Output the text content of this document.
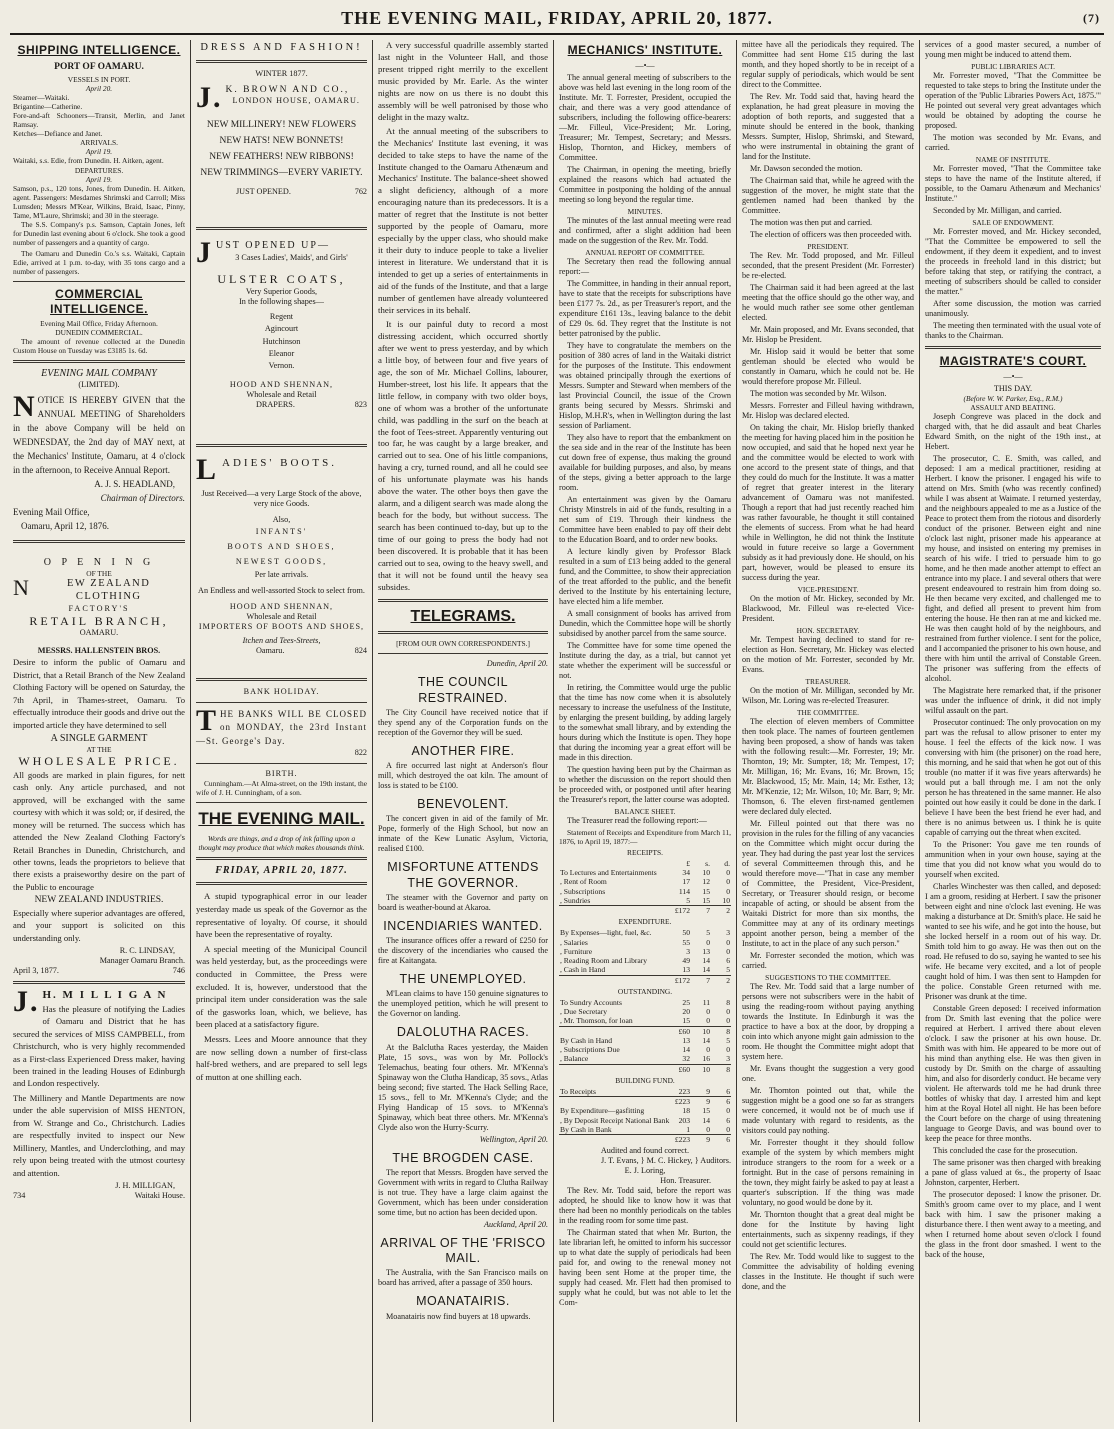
THE EVENING MAIL, FRIDAY, APRIL 20, 1877.	(7)
SHIPPING INTELLIGENCE.
PORT OF OAMARU.
VESSELS IN PORT.
April 20.
Steamer—Waitaki.
Brigantine—Catherine.
Fore-and-aft Schooners—Transit, Merlin, and Janet Ramsay.
Ketches—Defiance and Janet.
ARRIVALS.
April 19.
Waitaki, s.s. Edie, from Dunedin. H. Aitken, agent.
DEPARTURES.
April 19.
Samson, p.s., 120 tons, Jones, from Dunedin. H. Aitken, agent. Passengers: Mesdames Shrimski and Carroll; Miss Lumsden; Messrs M'Kear, Wilkins, Braid, Isaac, Pinny, Tame, M'Laure, Shrimski; and 30 in the steerage.

The S.S. Company's p.s. Samson, Captain Jones, left for Dunedin last evening about 6 o'clock. She took a good number of passengers and a quantity of cargo.

The Oamaru and Dunedin Co.'s s.s. Waitaki, Captain Edie, arrived at 1 p.m. to-day, with 35 tons cargo and a number of passengers.

COMMERCIAL INTELLIGENCE.
Evening Mail Office, Friday Afternoon.
DUNEDIN COMMERCIAL.

The amount of revenue collected at the Dunedin Custom House on Tuesday was £3185 1s. 6d.

EVENING MAIL COMPANY
(LIMITED).
NOTICE IS HEREBY GIVEN that the ANNUAL MEETING of Shareholders in the above Company will be held on WEDNESDAY, the 2nd day of MAY next, at the Mechanics' Institute, Oamaru, at 4 o'clock in the afternoon, to Receive Annual Report.
A. J. S. HEADLAND,
Chairman of Directors.
Evening Mail Office,
Oamaru, April 12, 1876.
O P E N I N G
OF THE
N	EW ZEALAND CLOTHING
FACTORY'S
RETAIL BRANCH,
OAMARU.
MESSRS. HALLENSTEIN BROS.

Desire to inform the public of Oamaru and District, that a Retail Branch of the New Zealand Clothing Factory will be opened on Saturday, the 7th April, in Thames-street, Oamaru. To effectually introduce their goods and drive out the imported article they have determined to sell

A SINGLE GARMENT
AT THE
WHOLESALE PRICE.

All goods are marked in plain figures, for nett cash only. Any article purchased, and not approved, will be exchanged with the same courtesy with which it was sold; or, if desired, the money will be returned. The success which has attended the New Zealand Clothing Factory's Retail Branches in Dunedin, Christchurch, and other towns, leads the proprietors to believe that there exists a praiseworthy desire on the part of the Public to encourage

NEW ZEALAND INDUSTRIES.

Especially where superior advantages are offered, and your support is solicited on this understanding only.

R. C. LINDSAY,
Manager Oamaru Branch.
April 3, 1877.	746
J. H. M I L L I G A N

Has the pleasure of notifying the Ladies of Oamaru and District that he has secured the services of MISS CAMPBELL, from Christchurch, who is very highly recommended as a First-class Experienced Dress maker, having been trained in the leading Houses of Edinburgh and London respectively.

The Millinery and Mantle Departments are now under the able supervision of MISS HENTON, from W. Strange and Co., Christchurch. Ladies are respectfully invited to inspect our New Millinery, Mantles, and Underclothing, and may rely upon being treated with the utmost courtesy and attention.

J. H. MILLIGAN,
734	Waitaki House.
DRESS AND FASHION!
WINTER 1877.
J. K. BROWN AND CO.,
LONDON HOUSE, OAMARU.
NEW MILLINERY! NEW FLOWERS
NEW HATS! NEW BONNETS!
NEW FEATHERS! NEW RIBBONS!
NEW TRIMMINGS—EVERY VARIETY.
JUST OPENED.	762
JUST OPENED UP—
3 Cases Ladies', Maids', and Girls'
ULSTER COATS,
Very Superior Goods,
In the following shapes—
Regent
Agincourt
Hutchinson
Eleanor
Vernon.
HOOD AND SHENNAN,
Wholesale and Retail
DRAPERS.	823
LADIES' BOOTS.

Just Received—a very Large Stock of the above, very nice Goods.

Also,
INFANTS'
BOOTS AND SHOES,
NEWEST GOODS,
Per late arrivals.

An Endless and well-assorted Stock to select from.

HOOD AND SHENNAN,
Wholesale and Retail
IMPORTERS OF BOOTS AND SHOES,
Itchen and Tees-Streets,
Oamaru.	824
BANK HOLIDAY.
THE BANKS WILL BE CLOSED on MONDAY, the 23rd Instant—St. George's Day.
822
BIRTH.

Cunningham.—At Alma-street, on the 19th instant, the wife of J. H. Cunningham, of a son.

THE EVENING MAIL.

Words are things, and a drop of ink falling upon a thought may produce that which makes thousands think.

FRIDAY, APRIL 20, 1877.

A stupid typographical error in our leader yesterday made us speak of the Governor as the representative of loyalty. Of course, it should have been the representative of royalty.

A special meeting of the Municipal Council was held yesterday, but, as the proceedings were conducted in Committee, the Press were excluded. It is, however, understood that the principal item under consideration was the sale of the gasworks loan, which, we believe, has been placed at a satisfactory figure.

Messrs. Lees and Moore announce that they are now selling down a number of first-class half-bred wethers, and are prepared to sell legs of mutton at one shilling each.

A very successful quadrille assembly started last night in the Volunteer Hall, and those present tripped right merrily to the excellent music provided by Mr. Earle. As the winter nights are now on us there is no doubt this assembly will be well patronised by those who delight in the mazy waltz.

At the annual meeting of the subscribers to the Mechanics' Institute last evening, it was decided to take steps to have the name of the Institute changed to the Oamaru Athenæum and Mechanics' Institute. The balance-sheet showed a slight deficiency, although of a more encouraging nature than its predecessors. It is a matter of regret that the Institute is not better supported by the people of Oamaru, more especially by the upper class, who should make it their duty to induce people to take a livelier interest in literature. We understand that it is intended to get up a series of entertainments in aid of the funds of the Institute, and that a large number of gentlemen have already volunteered their services in its behalf.

It is our painful duty to record a most distressing accident, which occurred shortly after we went to press yesterday, and by which a little boy, of between four and five years of age, the son of Mr. Michael Collins, labourer, Humber-street, lost his life. It appears that the little fellow, in company with two older boys, one of whom was a brother of the unfortunate child, was paddling in the surf on the beach at the foot of Tees-street. Apparently venturing out too far, he was caught by a large breaker, and carried out to sea. One of his little companions, having a cry, turned round, and all he could see of his unfortunate playmate was his hands above the water. The other boys then gave the alarm, and a diligent search was made along the beach for the body, but without success. The search has been continued to-day, but up to the time of our going to press the body had not been discovered. It is probable that it has been carried out to sea, owing to the heavy swell, and that it will not be found until the heavy sea subsides.

TELEGRAMS.
[FROM OUR OWN CORRESPONDENTS.]
Dunedin, April 20.
THE COUNCIL RESTRAINED.

The City Council have received notice that if they spend any of the Corporation funds on the reception of the Governor they will be sued.

ANOTHER FIRE.

A fire occurred last night at Anderson's flour mill, which destroyed the oat kiln. The amount of loss is stated to be £100.

BENEVOLENT.

The concert given in aid of the family of Mr. Pope, formerly of the High School, but now an inmate of the Kew Lunatic Asylum, Victoria, realised £100.

MISFORTUNE ATTENDS THE GOVERNOR.

The steamer with the Governor and party on board is weather-bound at Akaroa.

INCENDIARIES WANTED.

The insurance offices offer a reward of £250 for the discovery of the incendiaries who caused the fire at Kaitangata.

THE UNEMPLOYED.

M'Lean claims to have 150 genuine signatures to the unemployed petition, which he will present to the Governor on landing.

DALOLUTHA RACES.

At the Balclutha Races yesterday, the Maiden Plate, 15 sovs., was won by Mr. Pollock's Telemachus, beating four others. Mr. M'Kenna's Spinaway won the Clutha Handicap, 35 sovs., Atlas being second; five started. The Hack Selling Race, 15 sovs., fell to Mr. M'Kenna's Clyde; and the Flying Handicap of 15 sovs. to M'Kenna's Spinaway, which beat three others. Mr. M'Kenna's Clyde also won the Hurry-Scurry.

Wellington, April 20.
THE BROGDEN CASE.

The report that Messrs. Brogden have served the Government with writs in regard to Clutha Railway is not true. They have a large claim against the Government, which has been under consideration some time, but no action has been decided upon.

Auckland, April 20.
ARRIVAL OF THE 'FRISCO MAIL.

The Australia, with the San Francisco mails on board has arrived, after a passage of 350 hours.

MOANATAIRIS.

Moanatairis now find buyers at 18 upwards.

MECHANICS' INSTITUTE.
—•—

The annual general meeting of subscribers to the above was held last evening in the long room of the Institute. Mr. T. Forrester, President, occupied the chair, and there was a very good attendance of subscribers, including the following office-bearers:—Mr. Filleul, Vice-President; Mr. Loring, Treasurer; Mr. Tempest, Secretary; and Messrs. Hislop, Thornton, and Hickey, members of Committee.

The Chairman, in opening the meeting, briefly explained the reasons which had actuated the Committee in postponing the holding of the annual meeting so long beyond the regular time.

MINUTES.

The minutes of the last annual meeting were read and confirmed, after a slight addition had been made on the suggestion of the Rev. Mr. Todd.

ANNUAL REPORT OF COMMITTEE.

The Secretary then read the following annual report:—

The Committee, in handing in their annual report, have to state that the receipts for subscriptions have been £177 7s. 2d., as per Treasurer's report, and the expenditure £161 13s., leaving balance to the debit of £29 0s. 6d. They regret that the Institute is not better patronised by the public.

They have to congratulate the members on the position of 380 acres of land in the Waitaki district for the purposes of the Institute. This endowment was obtained principally through the exertions of Messrs. Sumpter and Steward when members of the last Provincial Council, the issue of the Crown grants being secured by Messrs. Shrimski and Hislop, M.H.R's, when in Wellington during the last session of Parliament.

They also have to report that the embankment on the sea side and in the rear of the Institute has been cut down free of expense, thus making the ground available for building purposes, and also, by means of the steps, giving a better approach to the large room.

An entertainment was given by the Oamaru Christy Minstrels in aid of the funds, resulting in a net sum of £19. Through their kindness the Committee have been enabled to pay off their debt to the Education Board, and to order new books.

A lecture kindly given by Professor Black resulted in a sum of £13 being added to the general fund, and the Committee, to show their appreciation of the treat afforded to the public, and the benefit derived to the Institute by his entertaining lecture, have elected him a life member.

A small consignment of books has arrived from Dunedin, which the Committee hope will be shortly subsidised by another parcel from the same source.

The Committee have for some time opened the Institute during the day, as a trial, but cannot yet state whether the experiment will be successful or not.

In retiring, the Committee would urge the public that the time has now come when it is absolutely necessary to increase the usefulness of the Institute, by enlarging the present building, by adding largely to the somewhat small library, and by extending the hours during which the Institute is open. They hope that during the incoming year a great effort will be made in this direction.

The question having been put by the Chairman as to whether the discussion on the report should then be proceeded with, or postponed until after hearing the Treasurer's report, the latter course was adopted.

BALANCE SHEET.

The Treasurer read the following report:—

Statement of Receipts and Expenditure from March 11, 1876, to April 19, 1877:—

RECEIPTS.
	£	s.	d.
To Lectures and Entertainments	34	10	0
, Rent of Room	17	12	0
, Subscriptions	114	15	0
, Sundries	5	15	10
	£172	7	2
EXPENDITURE.
By Expenses—light, fuel, &c.	50	5	3
, Salaries	55	0	0
, Furniture	3	13	0
, Reading Room and Library	49	14	6
, Cash in Hand	13	14	5
	£172	7	2
OUTSTANDING.
To Sundry Accounts	25	11	8
, Due Secretary	20	0	0
, Mr. Thomson, for loan	15	0	0
	£60	10	8
By Cash in Hand	13	14	5
, Subscriptions Due	14	0	0
, Balance	32	16	3
	£60	10	8
BUILDING FUND.
To Receipts	223	9	6
	£223	9	6
By Expenditure—gasfitting	18	15	0
, By Deposit Receipt National Bank	203	14	6
By Cash in Bank	1	0	0
	£223	9	6
Audited and found correct.
J. T. Evans, } M. C. Hickey, } Auditors.
E. J. Loring,
Hon. Treasurer.

The Rev. Mr. Todd said, before the report was adopted, he should like to know how it was that there had been no monthly periodicals on the tables in the reading room for some time past.

The Chairman stated that when Mr. Burton, the late librarian left, he omitted to inform his successor up to what date the supply of periodicals had been paid for, and owing to the renewal money not having been sent Home at the proper time, the supply had ceased. Mr. Flett had then promised to supply what he could, but was not able to let the Com-

mittee have all the periodicals they required. The Committee had sent Home £15 during the last month, and they hoped shortly to be in receipt of a regular supply of periodicals, which would be sent direct to the Committee.

The Rev. Mr. Todd said that, having heard the explanation, he had great pleasure in moving the adoption of both reports, and suggested that a minute should be entered in the book, thanking Messrs. Sumpter, Hislop, Shrimski, and Steward, who were instrumental in obtaining the grant of land for the Institute.

Mr. Dawson seconded the motion.

The Chairman said that, while he agreed with the suggestion of the mover, he might state that the gentlemen named had been thanked by the Committee.

The motion was then put and carried.

The election of officers was then proceeded with.

PRESIDENT.

The Rev. Mr. Todd proposed, and Mr. Filleul seconded, that the present President (Mr. Forrester) be re-elected.

The Chairman said it had been agreed at the last meeting that the office should go the other way, and he would much rather see some other gentleman elected.

Mr. Main proposed, and Mr. Evans seconded, that Mr. Hislop be President.

Mr. Hislop said it would be better that some gentleman should be elected who would be constantly in Oamaru, which he could not be. He would therefore propose Mr. Filleul.

The motion was seconded by Mr. Wilson.

Messrs. Forrester and Filleul having withdrawn, Mr. Hislop was declared elected.

On taking the chair, Mr. Hislop briefly thanked the meeting for having placed him in the position he now occupied, and said that he hoped next year he and the committee would be elected to work with one accord to the present state of things, and that they could do much for the Institute. It was a matter of regret that greater interest in the literary advancement of Oamaru was not manifested. Though a report that had just recently reached him was rather favourable, he thought it still contained the elements of success. From what he had heard while in Wellington, he did not think the Institute would in future receive so large a Government subsidy as it had previously done. He should, on his part, however, would be pleased to ensure its success during the year.

VICE-PRESIDENT.

On the motion of Mr. Hickey, seconded by Mr. Blackwood, Mr. Filleul was re-elected Vice-President.

HON. SECRETARY.

Mr. Tempest having declined to stand for re-election as Hon. Secretary, Mr. Hickey was elected on the motion of Mr. Forrester, seconded by Mr. Evans.

TREASURER.

On the motion of Mr. Milligan, seconded by Mr. Wilson, Mr. Loring was re-elected Treasurer.

THE COMMITTEE.

The election of eleven members of Committee then took place. The names of fourteen gentlemen having been proposed, a show of hands was taken with the following result:—Mr. Forrester, 19; Mr. Thornton, 19; Mr. Sumpter, 18; Mr. Tempest, 17; Mr. Milligan, 16; Mr. Evans, 16; Mr. Brown, 15; Mr. Blackwood, 15; Mr. Main, 14; Mr. Esther, 13; Mr. M'Kenzie, 12; Mr. Wilson, 10; Mr. Barr, 9; Mr. Thomson, 6. The eleven first-named gentlemen were declared duly elected.

Mr. Filleul pointed out that there was no provision in the rules for the filling of any vacancies on the Committee which might occur during the year. They had during the past year lost the services of several Committeemen through this, and he would therefore move—"That in case any member of Committee, the President, Vice-President, Secretary, or Treasurer should resign, or become incapable of acting, or should be absent from the Waitaki District for more than six months, the Committee may at any of its ordinary meetings appoint another person, being a member of the Institute, to act in the place of any such person."

Mr. Forrester seconded the motion, which was carried.

SUGGESTIONS TO THE COMMITTEE.

The Rev. Mr. Todd said that a large number of persons were not subscribers were in the habit of using the reading-room without paying anything towards the Institute. In Edinburgh it was the practice to have a box at the door, by dropping a coin into which anyone might gain admission to the room. He thought the Committee might adopt that system here.

Mr. Evans thought the suggestion a very good one.

Mr. Thornton pointed out that, while the suggestion might be a good one so far as strangers were concerned, it would not be of much use if made voluntary with regard to residents, as the visitors could pay nothing.

Mr. Forrester thought it they should follow example of the system by which members might introduce strangers to the room for a week or a fortnight. But in the case of persons remaining in the town, they might fairly be asked to pay at least a quarter's subscription. If the thing was made voluntary, no good would be done by it.

Mr. Thornton thought that a great deal might be done for the Institute by having light entertainments, such as sixpenny readings, if they could not get scientific lectures.

The Rev. Mr. Todd would like to suggest to the Committee the advisability of holding evening classes in the Institute. He thought if such were done, and the

services of a good master secured, a number of young men might be induced to attend them.

PUBLIC LIBRARIES ACT.

Mr. Forrester moved, "That the Committee be requested to take steps to bring the Institute under the operation of the 'Public Libraries Powers Act, 1875.'" He pointed out several very great advantages which would be obtained by adopting the course he proposed.

The motion was seconded by Mr. Evans, and carried.

NAME OF INSTITUTE.

Mr. Forrester moved, "That the Committee take steps to have the name of the Institute altered, if possible, to the Oamaru Athenæum and Mechanics' Institute."

Seconded by Mr. Milligan, and carried.

SALE OF ENDOWMENT.

Mr. Forrester moved, and Mr. Hickey seconded, "That the Committee be empowered to sell the endowment, if they deem it expedient, and to invest the proceeds in freehold land in this district; but before taking that step, or ratifying the contract, a meeting of subscribers should be called to consider the matter."

After some discussion, the motion was carried unanimously.

The meeting then terminated with the usual vote of thanks to the Chairman.

MAGISTRATE'S COURT.
—•—
THIS DAY.
(Before W. W. Parker, Esq., R.M.)
ASSAULT AND BEATING.

Joseph Congreve was placed in the dock and charged with, that he did assault and beat Charles Edward Smith, on the night of the 19th inst., at Hebert.

The prosecutor, C. E. Smith, was called, and deposed: I am a medical practitioner, residing at Herbert. I know the prisoner. I engaged his wife to attend on Mrs. Smith (who was recently confined) while I was absent at Waimate. I returned yesterday, and the neighbours appealed to me as a Justice of the Peace to protect them from the riotous and disorderly conduct of the prisoner. Between eight and nine o'clock last night, prisoner made his appearance at my house, and insisted on entering my premises in search of his wife. I tried to persuade him to go home, and he then made another attempt to effect an entrance into my place. I and several others that were present endeavoured to restrain him from doing so. He then became very excited, and challenged me to fight, and defied all present to prevent him from entering the house. He then ran at me and kicked me. He was then caught hold of by the neighbours, and restrained from further violence. I sent for the police, and I accompanied the prisoner to his own house, and there with him until the arrival of Constable Green. The prisoner was suffering from the effects of alcohol.

The Magistrate here remarked that, if the prisoner was under the influence of drink, it did not imply wilful assault on the part.

Prosecutor continued: The only provocation on my part was the refusal to allow prisoner to enter my house. I feel the effects of the kick now. I was conversing with him (the prisoner) on the road here, this morning, and he said that when he got out of this trouble (no matter if it was five years afterwards) he would put a ball through me. I am not the only person he has threatened in the same manner. He also pointed out how easily it could be done in the dark. I believe I have been the best friend he ever had, and there is no animus between us. I think he is quite capable of carrying out the threat when excited.

To the Prisoner: You gave me ten rounds of ammunition when in your own house, saying at the time that you did not know what you would do to yourself when excited.

Charles Winchester was then called, and deposed: I am a groom, residing at Herbert. I saw the prisoner between eight and nine o'clock last evening. He was making a disturbance at Dr. Smith's place. He said he wanted to see his wife, and he got into the house, but she locked herself in a room out of his way. Dr. Smith told him to go away. He was then out on the road. He refused to do so, saying he wanted to see his wife. He became very excited, and a lot of people caught hold of him. I was then sent to Hampden for the police. Constable Green returned with me. Prisoner was drunk at the time.

Constable Green deposed: I received information from Dr. Smith last evening that the police were required at Herbert. I arrived there about eleven o'clock. I saw the prisoner at his own house. Dr. Smith was with him. He appeared to be more out of his mind than anything else. He was then given in custody by Dr. Smith on the charge of assaulting him, and also for disorderly conduct. He became very violent. He afterwards told me he had drunk three bottles of whisky that day. I arrested him and kept him at the Royal Hotel all night. He has been before the Court before on the charge of using threatening language to George Davis, and was bound over to keep the peace for three months.

This concluded the case for the prosecution.

The same prisoner was then charged with breaking a pane of glass valued at 6s., the property of Isaac Johnston, carpenter, Herbert.

The prosecutor deposed: I know the prisoner. Dr. Smith's groom came over to my place, and I went back with him. I saw the prisoner making a disturbance there. I then went away to a meeting, and when I returned home about seven o'clock I found the glass in the front door smashed. I went to the back of the house,
